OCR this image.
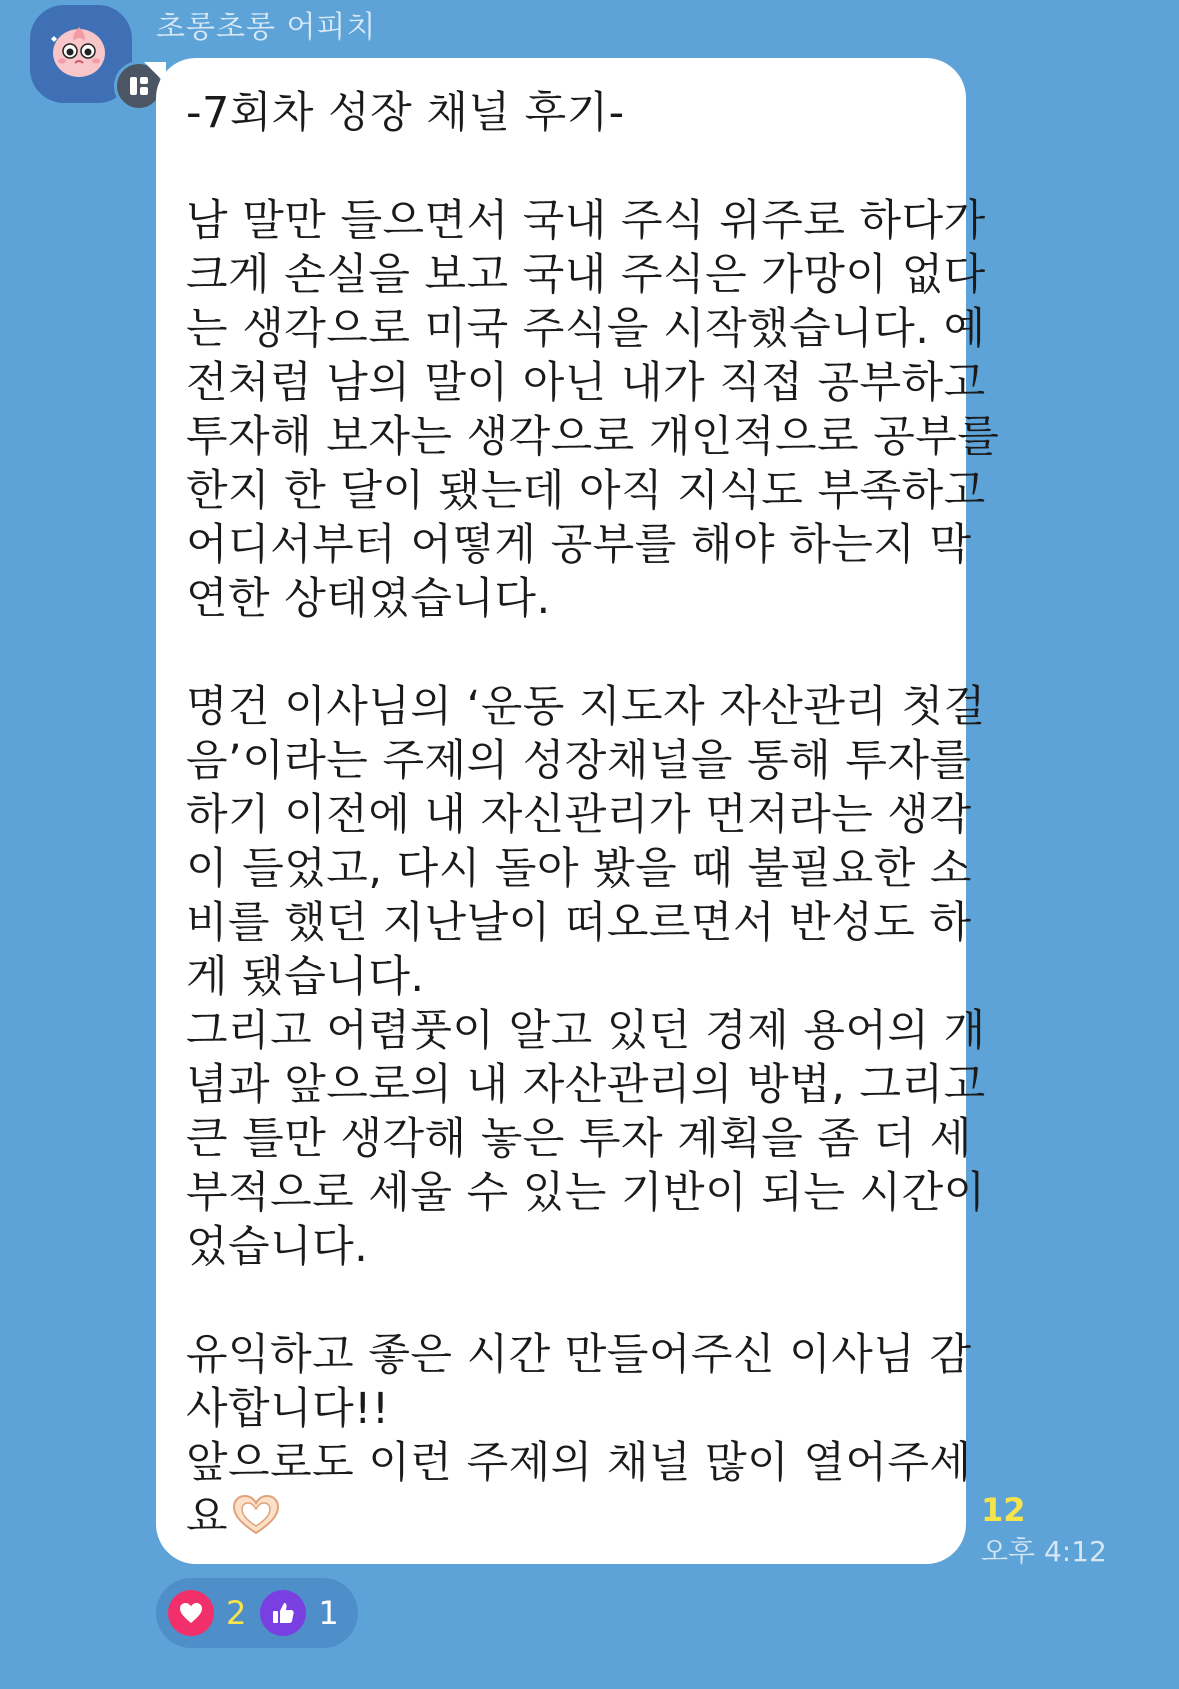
초롱초롱 어피치
-7회차 성장 채널 후기-
남 말만 들으면서 국내 주식 위주로 하다가
크게 손실을 보고 국내 주식은 가망이 없다
는 생각으로 미국 주식을 시작했습니다. 예
전처럼 남의 말이 아닌 내가 직접 공부하고
투자해 보자는 생각으로 개인적으로 공부를
한지 한 달이 됐는데 아직 지식도 부족하고
어디서부터 어떻게 공부를 해야 하는지 막
연한 상태였습니다.
명건 이사님의 ‘운동 지도자 자산관리 첫걸
음’이라는 주제의 성장채널을 통해 투자를
하기 이전에 내 자신관리가 먼저라는 생각
이 들었고, 다시 돌아 봤을 때 불필요한 소
비를 했던 지난날이 떠오르면서 반성도 하
게 됐습니다.
그리고 어렴풋이 알고 있던 경제 용어의 개
념과 앞으로의 내 자산관리의 방법, 그리고
큰 틀만 생각해 놓은 투자 계획을 좀 더 세
부적으로 세울 수 있는 기반이 되는 시간이
었습니다.
유익하고 좋은 시간 만들어주신 이사님 감
사합니다!!
앞으로도 이런 주제의 채널 많이 열어주세
요	12
오후 4:12
2 1
